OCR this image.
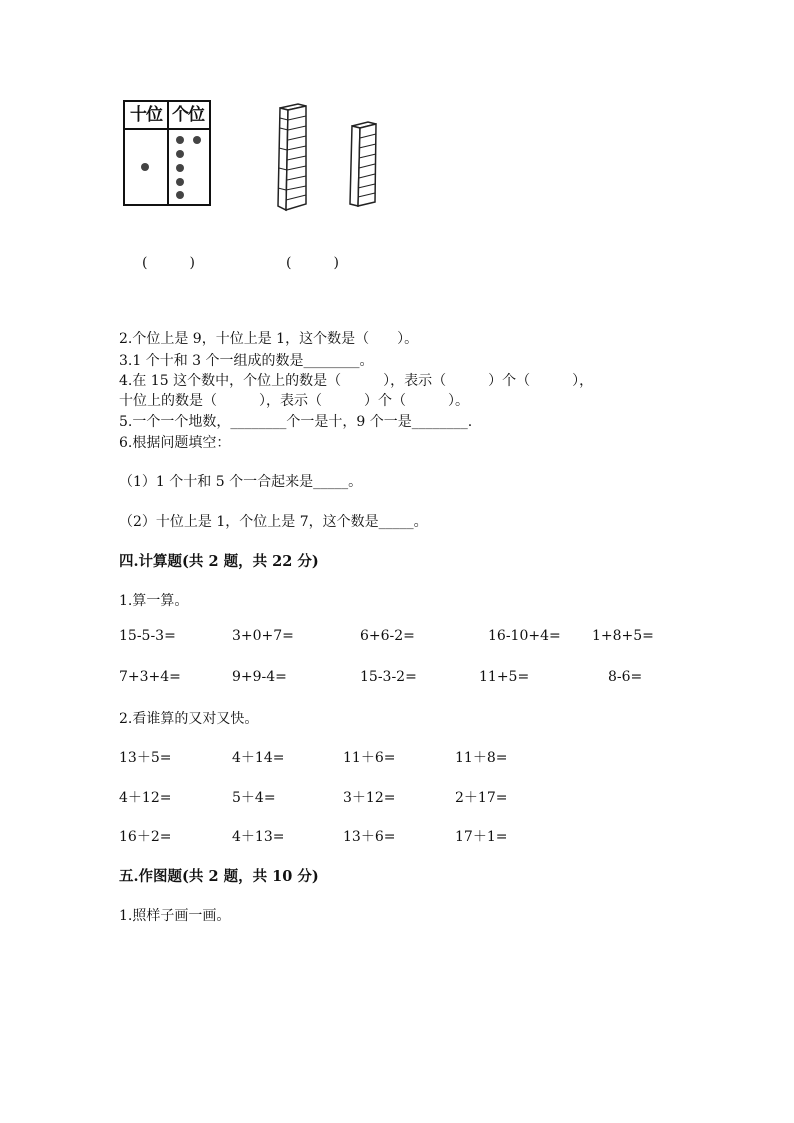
十位 个位
(　　　)	(　　　)
2.个位上是 9，十位上是 1，这个数是（　　）。
3.1 个十和 3 个一组成的数是________。
4.在 15 这个数中，个位上的数是（　　　），表示（　　　）个（　　　），
十位上的数是（　　　），表示（　　　）个（　　　）。
5.一个一个地数，________个一是十，9 个一是________.
6.根据问题填空：
（1）1 个十和 5 个一合起来是_____。
（2）十位上是 1，个位上是 7，这个数是_____。
四.计算题(共 2 题，共 22 分)
1.算一算。
15-5-3=	3+0+7=	6+6-2=	16-10+4= 1+8+5=
7+3+4=	9+9-4=	15-3-2=	11+5=	8-6=
2.看谁算的又对又快。
13＋5=	4＋14=	11＋6=	11＋8=
4＋12=	5＋4=	3＋12=	2＋17=
16＋2=	4＋13=	13＋6=	17＋1=
五.作图题(共 2 题，共 10 分)
1.照样子画一画。
